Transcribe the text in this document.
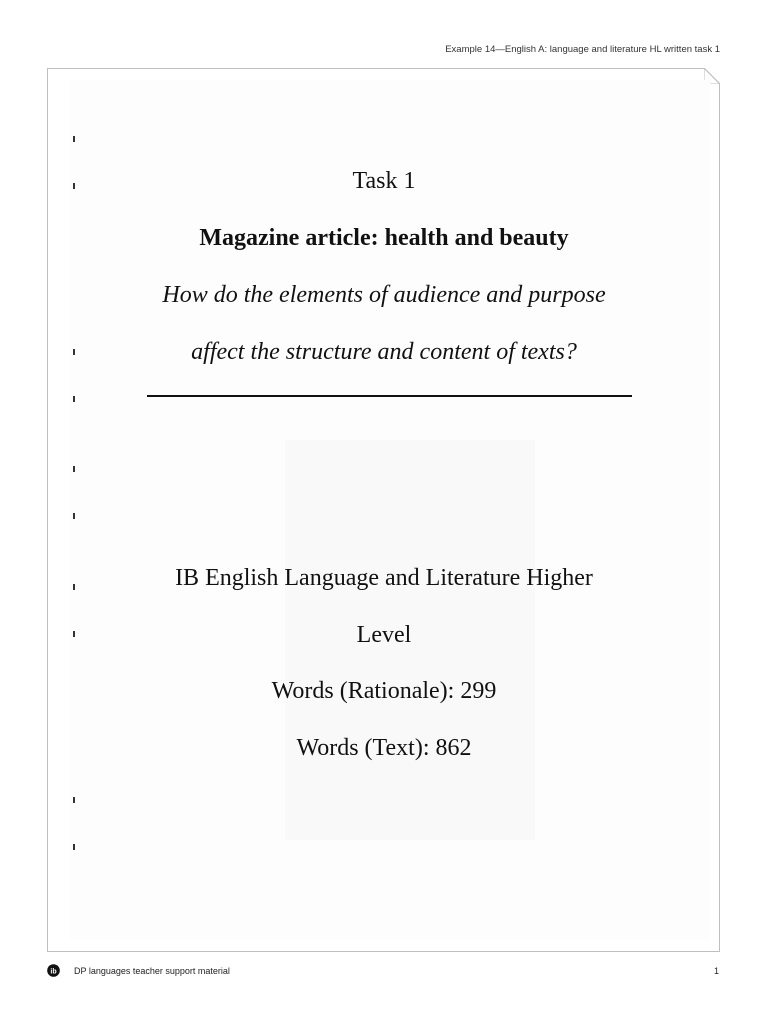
Example 14—English A: language and literature HL written task 1
Task 1
Magazine article: health and beauty
How do the elements of audience and purpose
affect the structure and content of texts?
IB English Language and Literature Higher
Level
Words (Rationale): 299
Words (Text): 862
ib DP languages teacher support material	1
